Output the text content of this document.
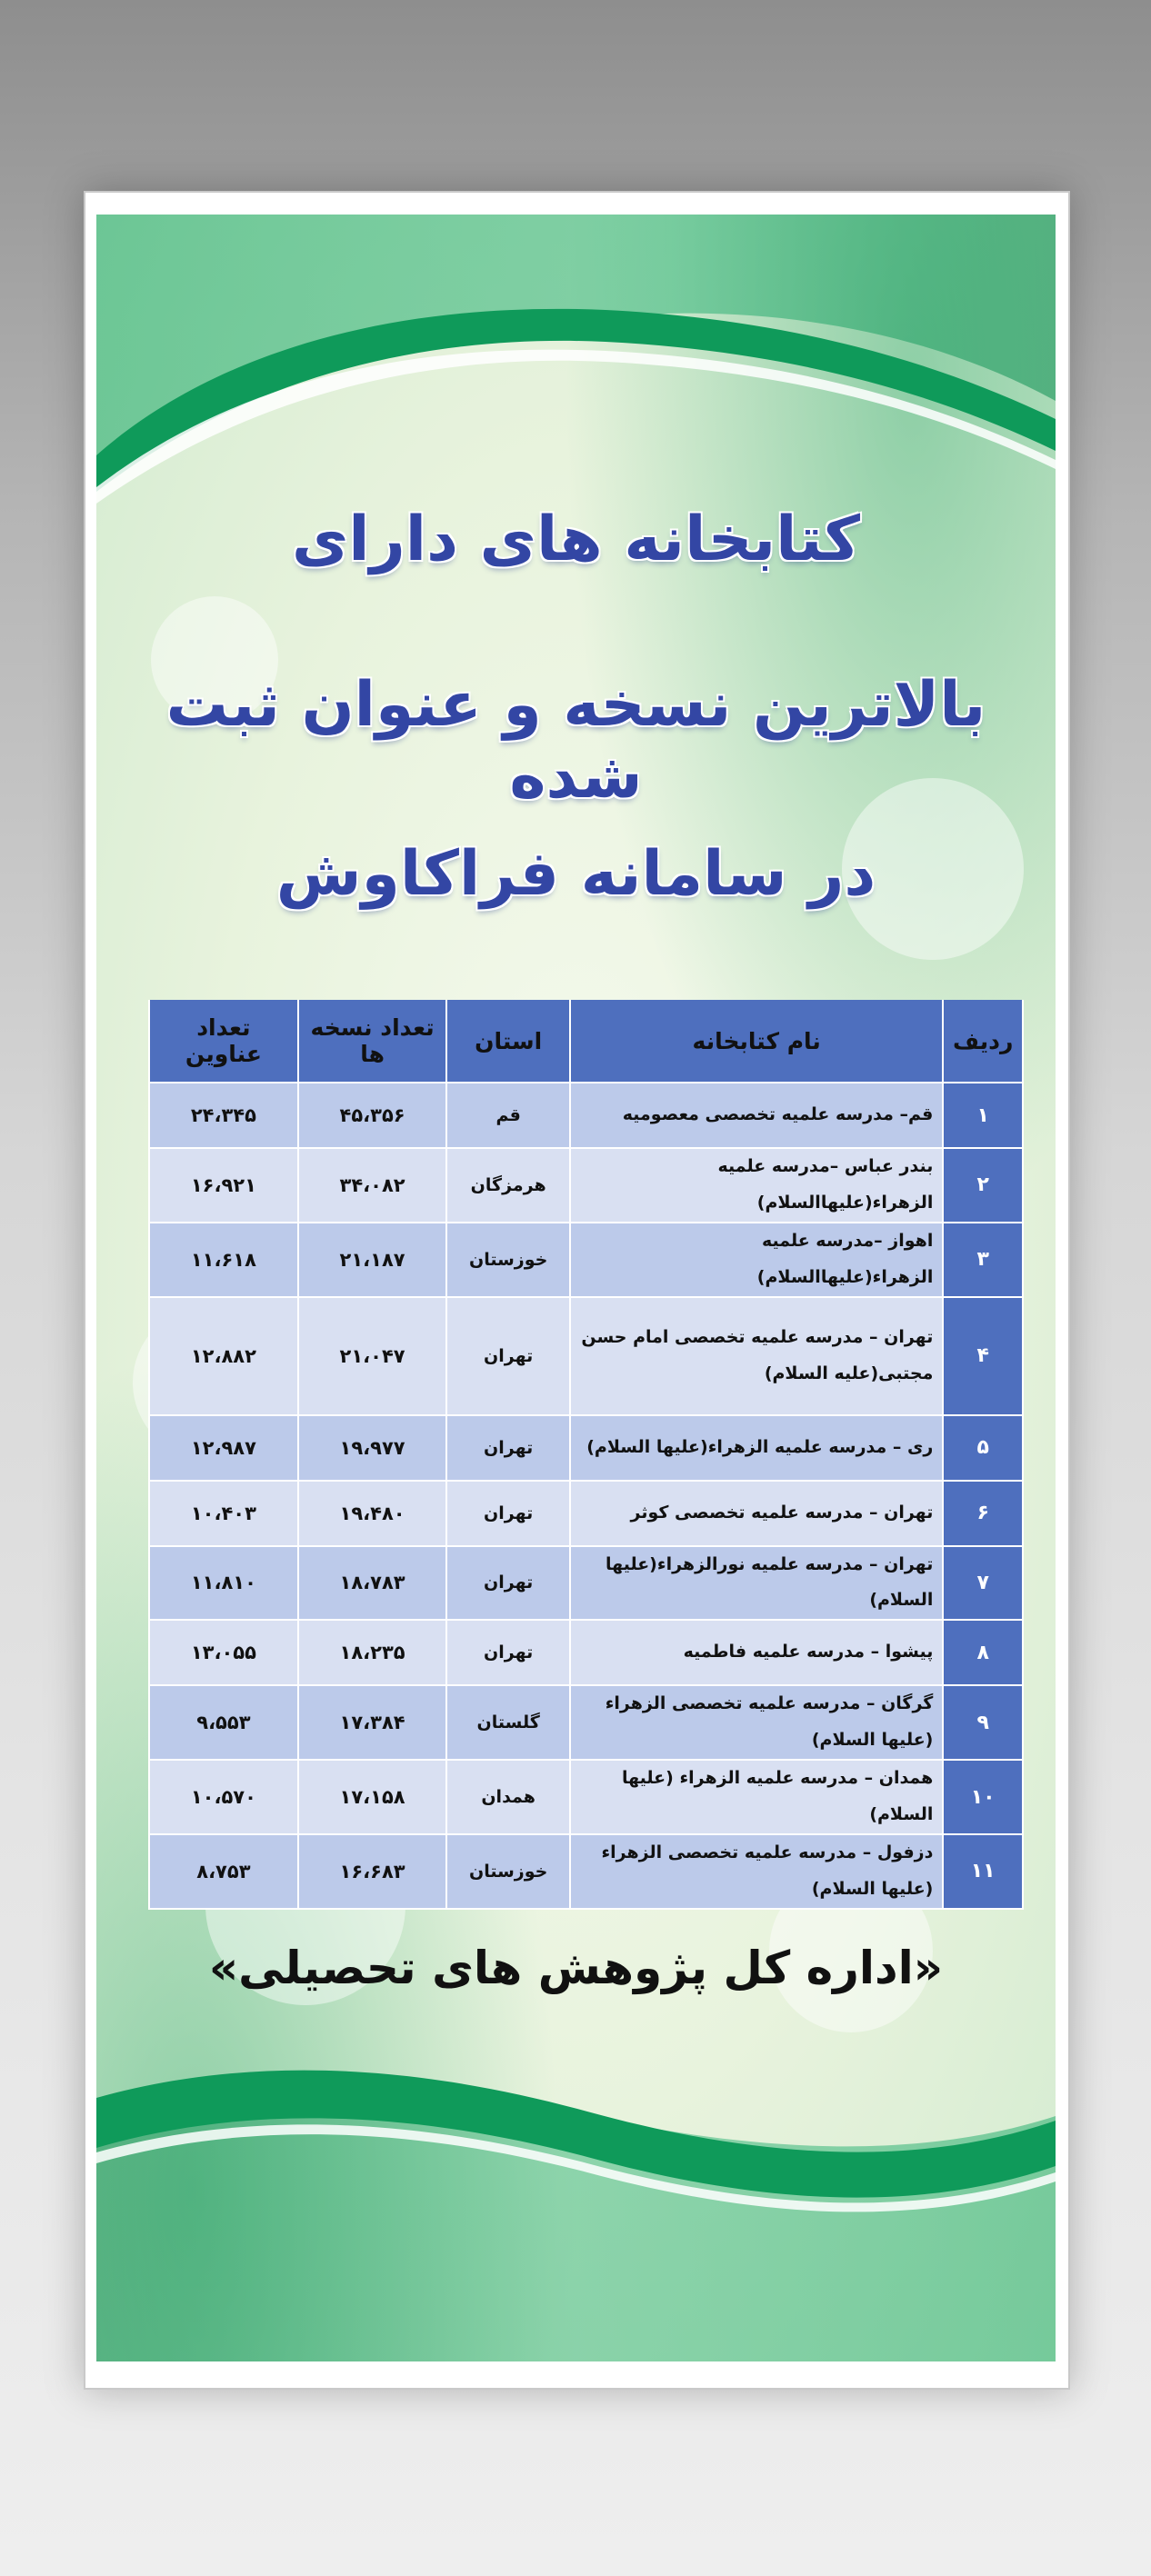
کتابخانه های دارای
بالاترین نسخه و عنوان ثبت شده
در سامانه فراکاوش
ردیف	نام کتابخانه	استان	تعداد نسخه ها	تعداد عناوین
۱	قم– مدرسه علمیه تخصصی معصومیه	قم	۴۵،۳۵۶	۲۴،۳۴۵
۲	بندر عباس –مدرسه علمیه الزهراء(علیهاالسلام)	هرمزگان	۳۴،۰۸۲	۱۶،۹۲۱
۳	اهواز –مدرسه علمیه الزهراء(علیهاالسلام)	خوزستان	۲۱،۱۸۷	۱۱،۶۱۸
۴	تهران – مدرسه علمیه تخصصی امام حسن مجتبی(علیه السلام)	تهران	۲۱،۰۴۷	۱۲،۸۸۲
۵	ری – مدرسه علمیه الزهراء(علیها السلام)	تهران	۱۹،۹۷۷	۱۲،۹۸۷
۶	تهران – مدرسه علمیه تخصصی کوثر	تهران	۱۹،۴۸۰	۱۰،۴۰۳
۷	تهران – مدرسه علمیه نورالزهراء(علیها السلام)	تهران	۱۸،۷۸۳	۱۱،۸۱۰
۸	پیشوا – مدرسه علمیه فاطمیه	تهران	۱۸،۲۳۵	۱۳،۰۵۵
۹	گرگان – مدرسه علمیه تخصصی الزهراء (علیها السلام)	گلستان	۱۷،۳۸۴	۹،۵۵۳
۱۰	همدان – مدرسه علمیه الزهراء (علیها السلام)	همدان	۱۷،۱۵۸	۱۰،۵۷۰
۱۱	دزفول – مدرسه علمیه تخصصی الزهراء (علیها السلام)	خوزستان	۱۶،۶۸۳	۸،۷۵۳
«اداره کل پژوهش های تحصیلی»
